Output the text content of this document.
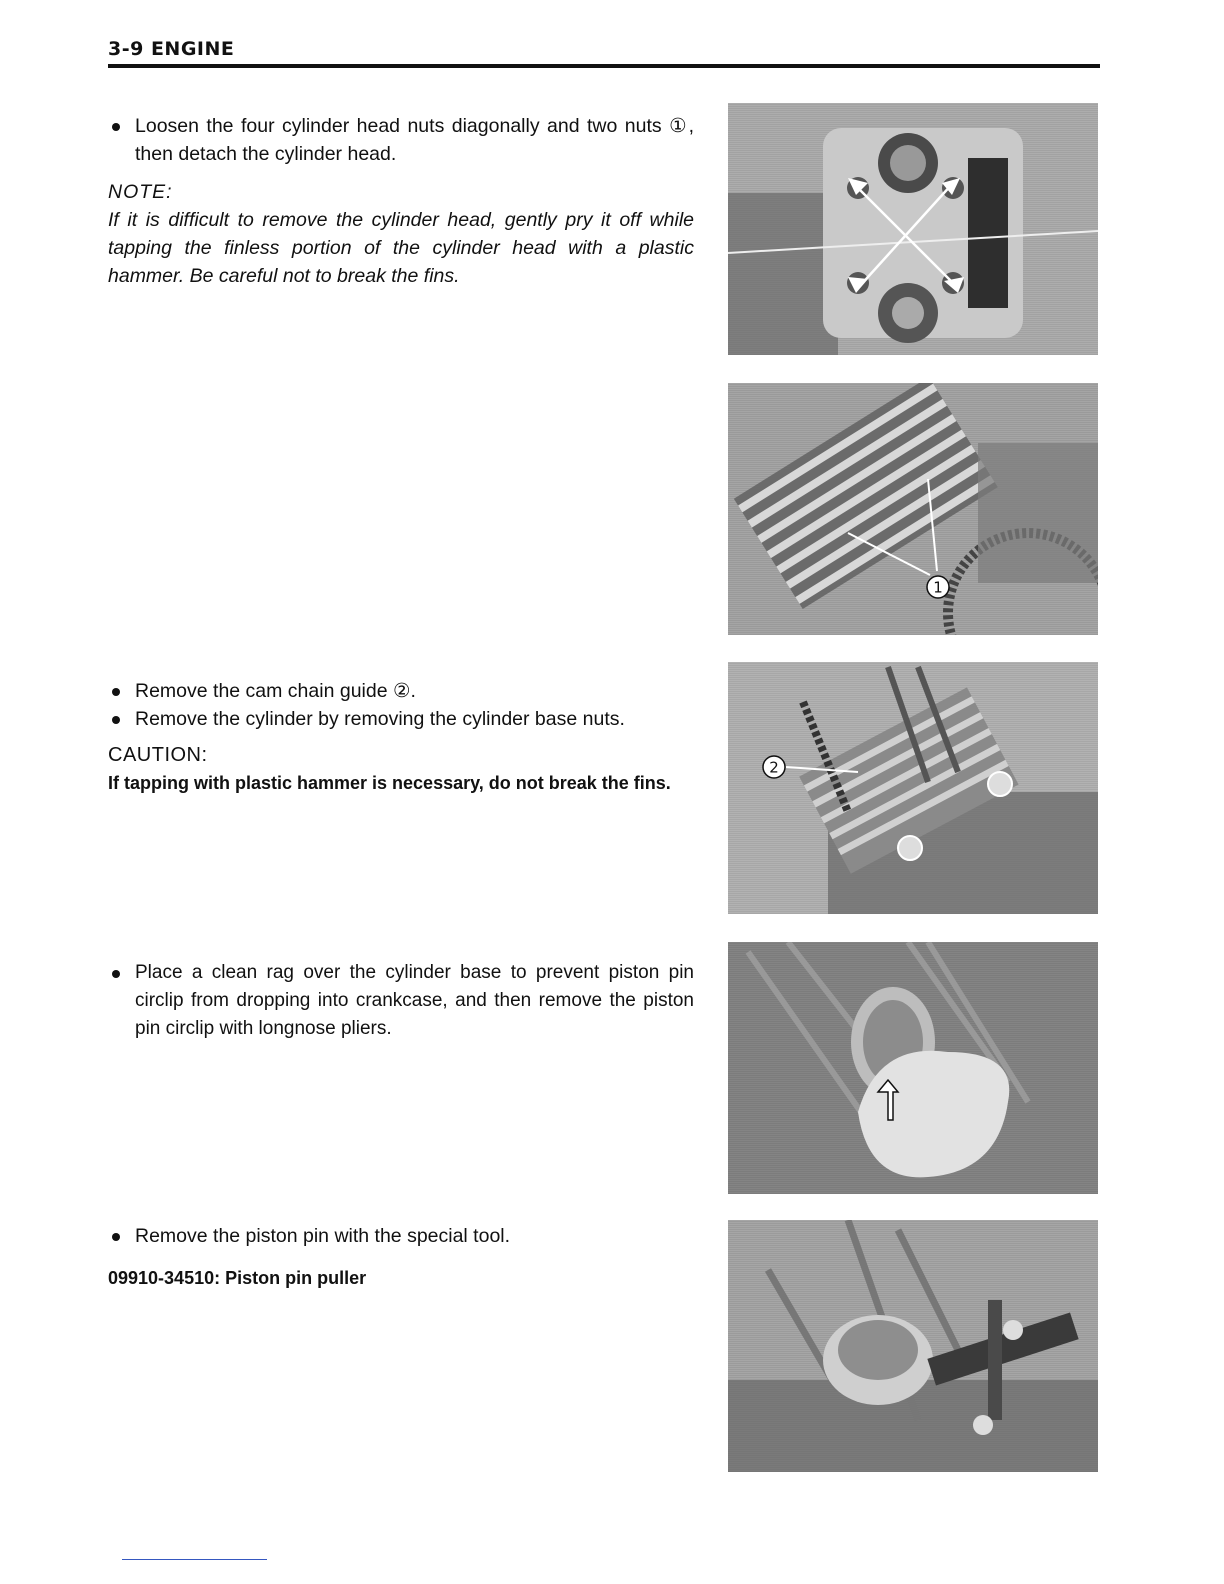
3-9 ENGINE
Loosen the four cylinder head nuts diagonally and two nuts ①, then detach the cylinder head.
NOTE:
If it is difficult to remove the cylinder head, gently pry it off while tapping the finless portion of the cylinder head with a plastic hammer. Be careful not to break the fins.
Remove the cam chain guide ②.
Remove the cylinder by removing the cylinder base nuts.
CAUTION:
If tapping with plastic hammer is necessary, do not break the fins.
Place a clean rag over the cylinder base to prevent piston pin circlip from dropping into crankcase, and then remove the piston pin circlip with longnose pliers.
Remove the piston pin with the special tool.
09910-34510: Piston pin puller
1
2
